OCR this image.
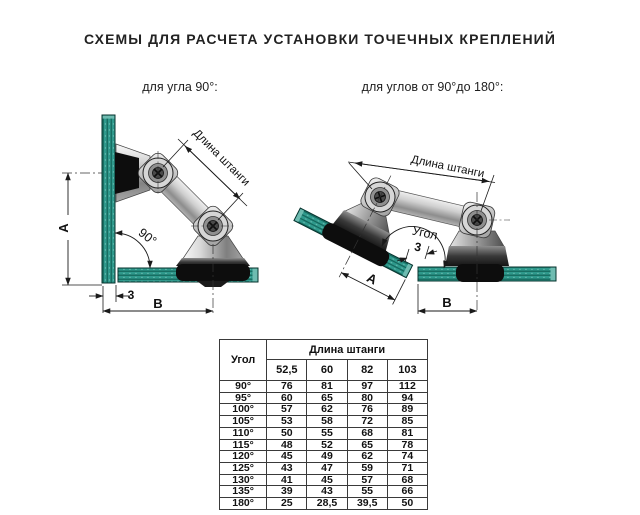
СХЕМЫ ДЛЯ РАСЧЕТА УСТАНОВКИ ТОЧЕЧНЫХ КРЕПЛЕНИЙ
для угла 90°:	для углов от 90°до 180°:
Длина штанги
A	90°
3
B
A
Длина штанги
Угол
3
B
Угол	Длина штанги			
	52,5	60	82	103
90°	76	81	97	112
95°	60	65	80	94
100°	57	62	76	89
105°	53	58	72	85
110°	50	55	68	81
115°	48	52	65	78
120°	45	49	62	74
125°	43	47	59	71
130°	41	45	57	68
135°	39	43	55	66
180°	25	28,5	39,5	50
